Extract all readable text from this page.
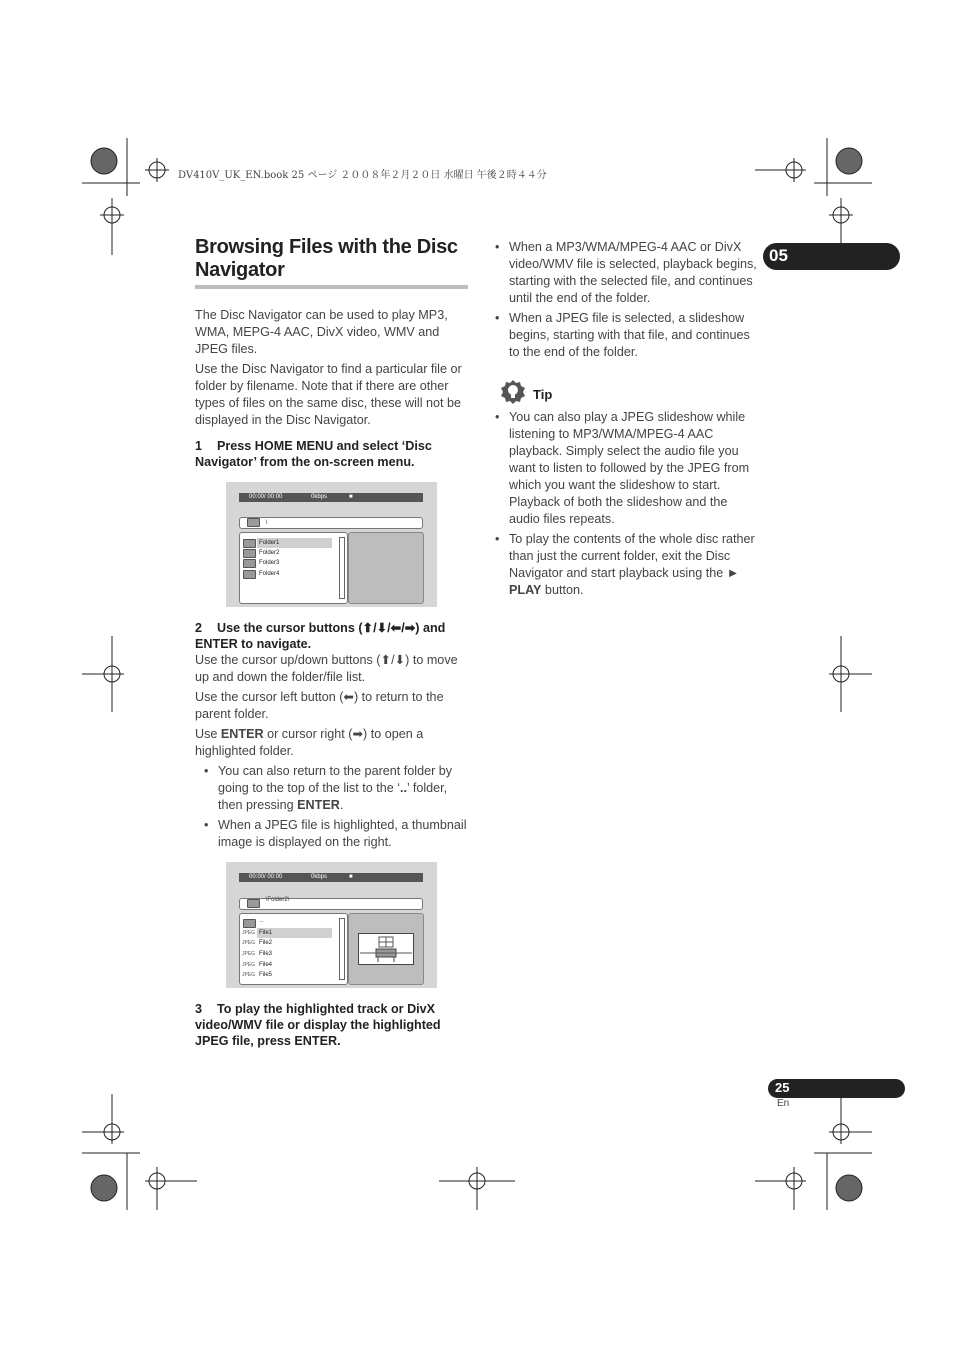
DV410V_UK_EN.book 25 ページ ２００８年２月２０日 水曜日 午後２時４４分
05
Browsing Files with the Disc Navigator

The Disc Navigator can be used to play MP3, WMA, MEPG-4 AAC, DivX video, WMV and JPEG files.

Use the Disc Navigator to find a particular file or folder by filename. Note that if there are other types of files on the same disc, these will not be displayed in the Disc Navigator.

1 Press HOME MENU and select ‘Disc Navigator’ from the on-screen menu.
00:00/ 00:00	0kbps	■
\
Folder1
Folder2
Folder3
Folder4
2 Use the cursor buttons (⬆/⬇/⬅/➡) and ENTER to navigate.

Use the cursor up/down buttons (⬆/⬇) to move up and down the folder/file list.

Use the cursor left button (⬅) to return to the parent folder.

Use ENTER or cursor right (➡) to open a highlighted folder.

• You can also return to the parent folder by going to the top of the list to the ‘..’ folder, then pressing ENTER.
• When a JPEG file is highlighted, a thumbnail image is displayed on the right.
00:00/ 00:00	0kbps	■
\Folder2\
..
File1
File2
File3
File4
File5
JPEG
JPEG
JPEG
JPEG
JPEG
3 To play the highlighted track or DivX video/WMV file or display the highlighted JPEG file, press ENTER.
• When a MP3/WMA/MPEG-4 AAC or DivX video/WMV file is selected, playback begins, starting with the selected file, and continues until the end of the folder.
• When a JPEG file is selected, a slideshow begins, starting with that file, and continues to the end of the folder.
Tip
• You can also play a JPEG slideshow while listening to MP3/WMA/MPEG-4 AAC playback. Simply select the audio file you want to listen to followed by the JPEG from which you want the slideshow to start. Playback of both the slideshow and the audio files repeats.
• To play the contents of the whole disc rather than just the current folder, exit the Disc Navigator and start playback using the ► PLAY button.
25
En
